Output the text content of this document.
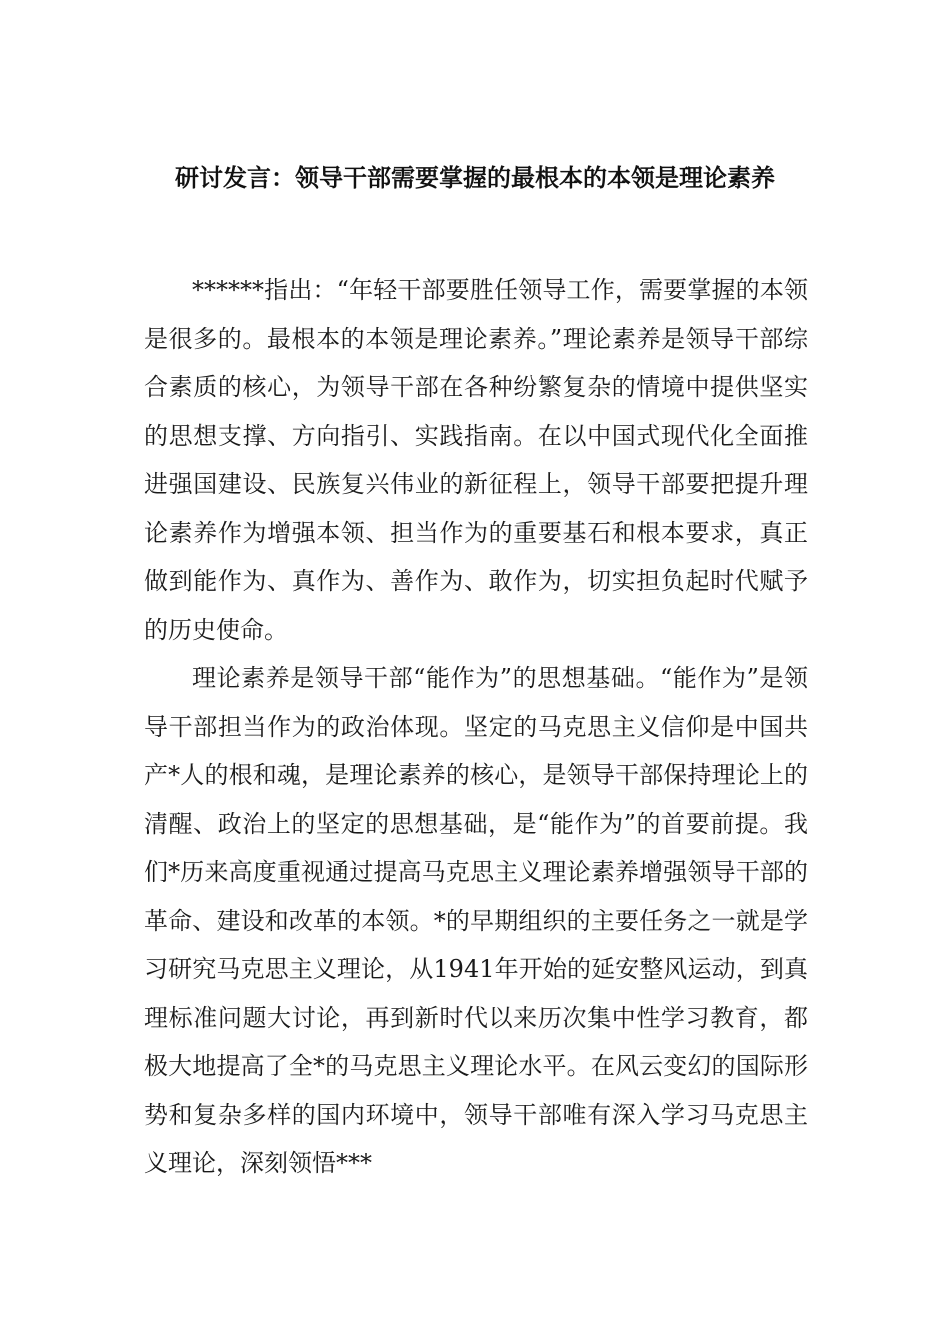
研讨发言：领导干部需要掌握的最根本的本领是理论素养

******指出：“年轻干部要胜任领导工作，需要掌握的本领是很多的。最根本的本领是理论素养。”理论素养是领导干部综合素质的核心，为领导干部在各种纷繁复杂的情境中提供坚实的思想支撑、方向指引、实践指南。在以中国式现代化全面推进强国建设、民族复兴伟业的新征程上，领导干部要把提升理论素养作为增强本领、担当作为的重要基石和根本要求，真正做到能作为、真作为、善作为、敢作为，切实担负起时代赋予的历史使命。

理论素养是领导干部“能作为”的思想基础。“能作为”是领导干部担当作为的政治体现。坚定的马克思主义信仰是中国共产*人的根和魂，是理论素养的核心，是领导干部保持理论上的清醒、政治上的坚定的思想基础，是“能作为”的首要前提。我们*历来高度重视通过提高马克思主义理论素养增强领导干部的革命、建设和改革的本领。*的早期组织的主要任务之一就是学习研究马克思主义理论，从1941年开始的延安整风运动，到真理标准问题大讨论，再到新时代以来历次集中性学习教育，都极大地提高了全*的马克思主义理论水平。在风云变幻的国际形势和复杂多样的国内环境中，领导干部唯有深入学习马克思主义理论，深刻领悟***
